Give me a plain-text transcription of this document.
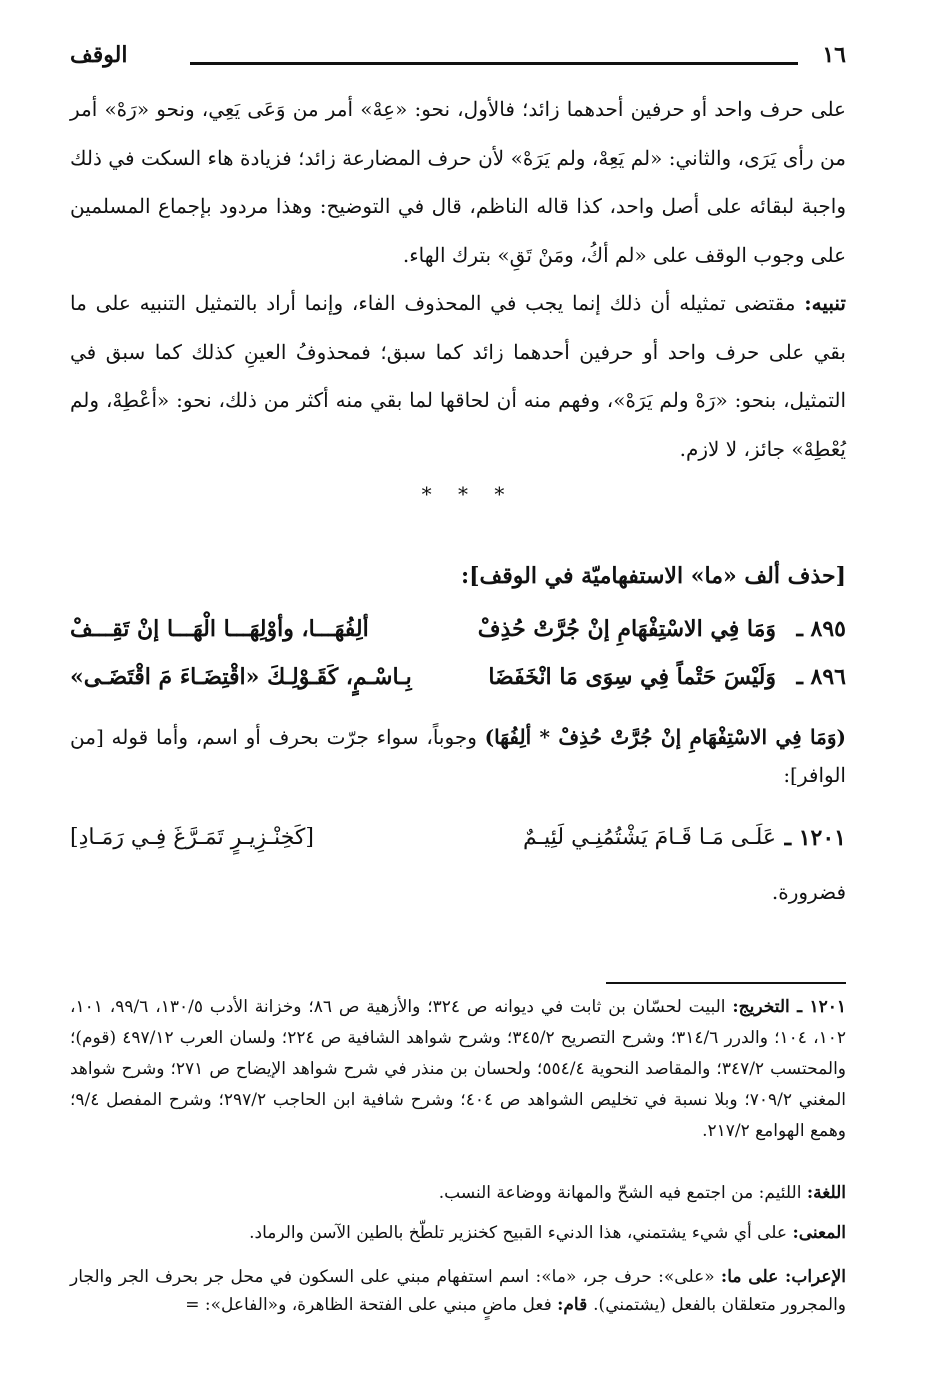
١٦
الوقف

على حرف واحد أو حرفين أحدهما زائد؛ فالأول، نحو: «عِهْ» أمر من وَعَى يَعِي، ونحو «رَهْ» أمر من رأى يَرَى، والثاني: «لم يَعِهْ، ولم يَرَهْ» لأن حرف المضارعة زائد؛ فزيادة هاء السكت في ذلك واجبة لبقائه على أصل واحد، كذا قاله الناظم، قال في التوضيح: وهذا مردود بإجماع المسلمين على وجوب الوقف على «لم أكُ، ومَنْ تَقِ» بترك الهاء.

تنبيه: مقتضى تمثيله أن ذلك إنما يجب في المحذوف الفاء، وإنما أراد بالتمثيل التنبيه على ما بقي على حرف واحد أو حرفين أحدهما زائد كما سبق؛ فمحذوفُ العينِ كذلك كما سبق في التمثيل، بنحو: «رَهْ ولم يَرَهْ»، وفهم منه أن لحاقها لما بقي منه أكثر من ذلك، نحو: «أعْطِهْ، ولم يُعْطِهْ» جائز، لا لازم.

* * *
[حذف ألف «ما» الاستفهاميّة في الوقف]:
٨٩٥ ـ
وَمَا فِي الاسْتِفْهَامِ إنْ جُرَّتْ حُذِفْ
ألِفُهَـــا، وأوْلِهَـــا الْهَـــا إنْ تَقِـــفْ
٨٩٦ ـ
وَلَيْسَ حَتْماً فِي سِوَى مَا انْخَفَضَا
بِـاسْـمٍ، كَقَـوْلِـكَ «اقْتِضَـاءَ مَ اقْتَضَـى»

(وَمَا فِي الاسْتِفْهَامِ إنْ جُرَّتْ حُذِفْ * ألِفُهَا) وجوباً، سواء جرّت بحرف أو اسم، وأما قوله [من الوافر]:

١٢٠١ ـ
عَلَـى مَـا قَـامَ يَشْتُمُنِـي لَئِيـمٌ
[كَخِنْـزِيـرٍ تَمَـرَّغَ فِـي رَمَـادِ]
فضرورة.

١٢٠١ ـ التخريج: البيت لحسّان بن ثابت في ديوانه ص ٣٢٤؛ والأزهية ص ٨٦؛ وخزانة الأدب ١٣٠/٥، ٩٩/٦، ١٠١، ١٠٢، ١٠٤؛ والدرر ٣١٤/٦؛ وشرح التصريح ٣٤٥/٢؛ وشرح شواهد الشافية ص ٢٢٤؛ ولسان العرب ٤٩٧/١٢ (قوم)؛ والمحتسب ٣٤٧/٢؛ والمقاصد النحوية ٥٥٤/٤؛ ولحسان بن منذر في شرح شواهد الإيضاح ص ٢٧١؛ وشرح شواهد المغني ٧٠٩/٢؛ وبلا نسبة في تخليص الشواهد ص ٤٠٤؛ وشرح شافية ابن الحاجب ٢٩٧/٢؛ وشرح المفصل ٩/٤؛ وهمع الهوامع ٢١٧/٢.

اللغة: اللئيم: من اجتمع فيه الشحّ والمهانة ووضاعة النسب.

المعنى: على أي شيء يشتمني، هذا الدنيء القبيح كخنزير تلطّخ بالطين الآسن والرماد.

الإعراب: على ما: «على»: حرف جر، «ما»: اسم استفهام مبني على السكون في محل جر بحرف الجر والجار والمجرور متعلقان بالفعل (يشتمني). قام: فعل ماضٍ مبني على الفتحة الظاهرة، و«الفاعل»: =
